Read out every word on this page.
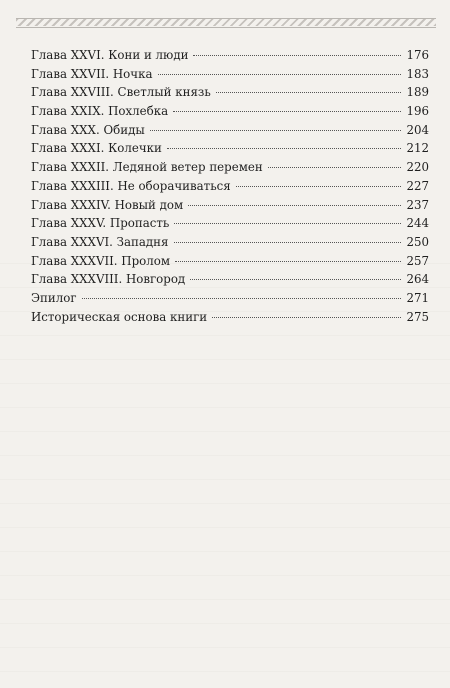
Глава XXVI. Кони и люди	176
Глава XXVII. Ночка	183
Глава XXVIII. Светлый князь	189
Глава XXIX. Похлебка	196
Глава XXX. Обиды	204
Глава XXXI. Колечки	212
Глава XXXII. Ледяной ветер перемен	220
Глава XXXIII. Не оборачиваться	227
Глава XXXIV. Новый дом	237
Глава XXXV. Пропасть	244
Глава XXXVI. Западня	250
Глава XXXVII. Пролом	257
Глава XXXVIII. Новгород	264
Эпилог	271
Историческая основа книги	275
